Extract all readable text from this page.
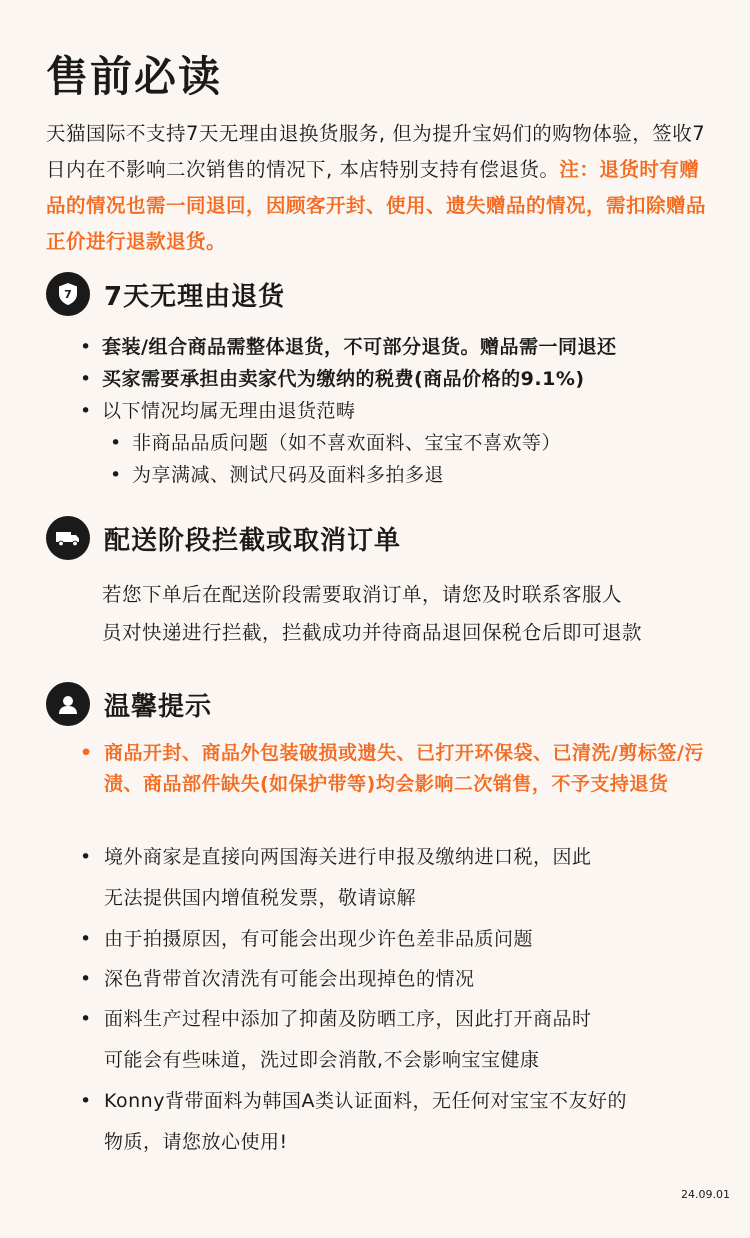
售前必读
天猫国际不支持7天无理由退换货服务, 但为提升宝妈们的购物体验，签收7日内在不影响二次销售的情况下, 本店特别支持有偿退货。注：退货时有赠品的情况也需一同退回，因顾客开封、使用、遗失赠品的情况，需扣除赠品正价进行退款退货。
7 7天无理由退货
• 套装/组合商品需整体退货，不可部分退货。赠品需一同退还
• 买家需要承担由卖家代为缴纳的税费(商品价格的9.1%)
• 以下情况均属无理由退货范畴
• 非商品品质问题（如不喜欢面料、宝宝不喜欢等）
• 为享满减、测试尺码及面料多拍多退
配送阶段拦截或取消订单
若您下单后在配送阶段需要取消订单，请您及时联系客服人
员对快递进行拦截，拦截成功并待商品退回保税仓后即可退款
温馨提示
• 商品开封、商品外包装破损或遗失、已打开环保袋、已清洗/剪标签/污渍、商品部件缺失(如保护带等)均会影响二次销售，不予支持退货
• 境外商家是直接向两国海关进行申报及缴纳进口税，因此
无法提供国内增值税发票，敬请谅解
• 由于拍摄原因，有可能会出现少许色差非品质问题
• 深色背带首次清洗有可能会出现掉色的情况
• 面料生产过程中添加了抑菌及防晒工序，因此打开商品时
可能会有些味道，洗过即会消散,不会影响宝宝健康
• Konny背带面料为韩国A类认证面料，无任何对宝宝不友好的
物质，请您放心使用!
24.09.01
